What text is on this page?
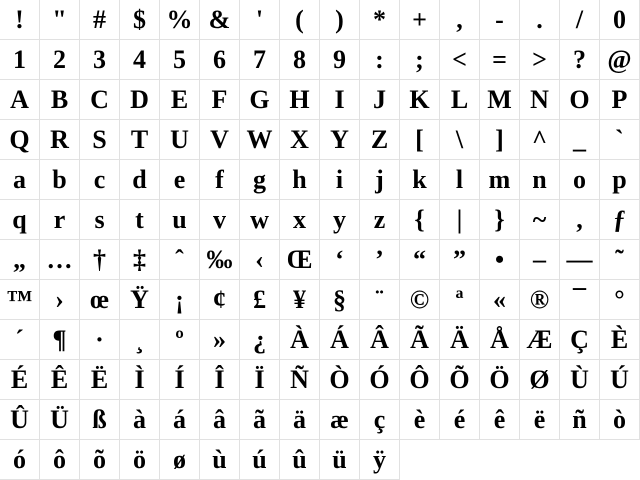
! " # $ % & ' ( ) * + , - . / 0
1 2 3 4 5 6 7 8 9 : ; < = > ? @
A B C D E F G H I J K L M N O P
Q R S T U V W X Y Z [ \ ] ^ _ `
a b c d e f g h i j k l m n o p
q r s t u v w x y z { | } ~ ‚ ƒ
„ … † ‡ ˆ ‰ ‹ Œ ‘ ’ “ ” • – — ˜
™ › œ Ÿ ¡ ¢ £ ¥ § ¨ © ª « ® ¯ °
´ ¶ · ¸ º » ¿ À Á Â Ã Ä Å Æ Ç È
É Ê Ë Ì Í Î Ï Ñ Ò Ó Ô Õ Ö Ø Ù Ú
Û Ü ß à á â ã ä æ ç è é ê ë ñ ò
ó ô õ ö ø ù ú û ü ÿ
